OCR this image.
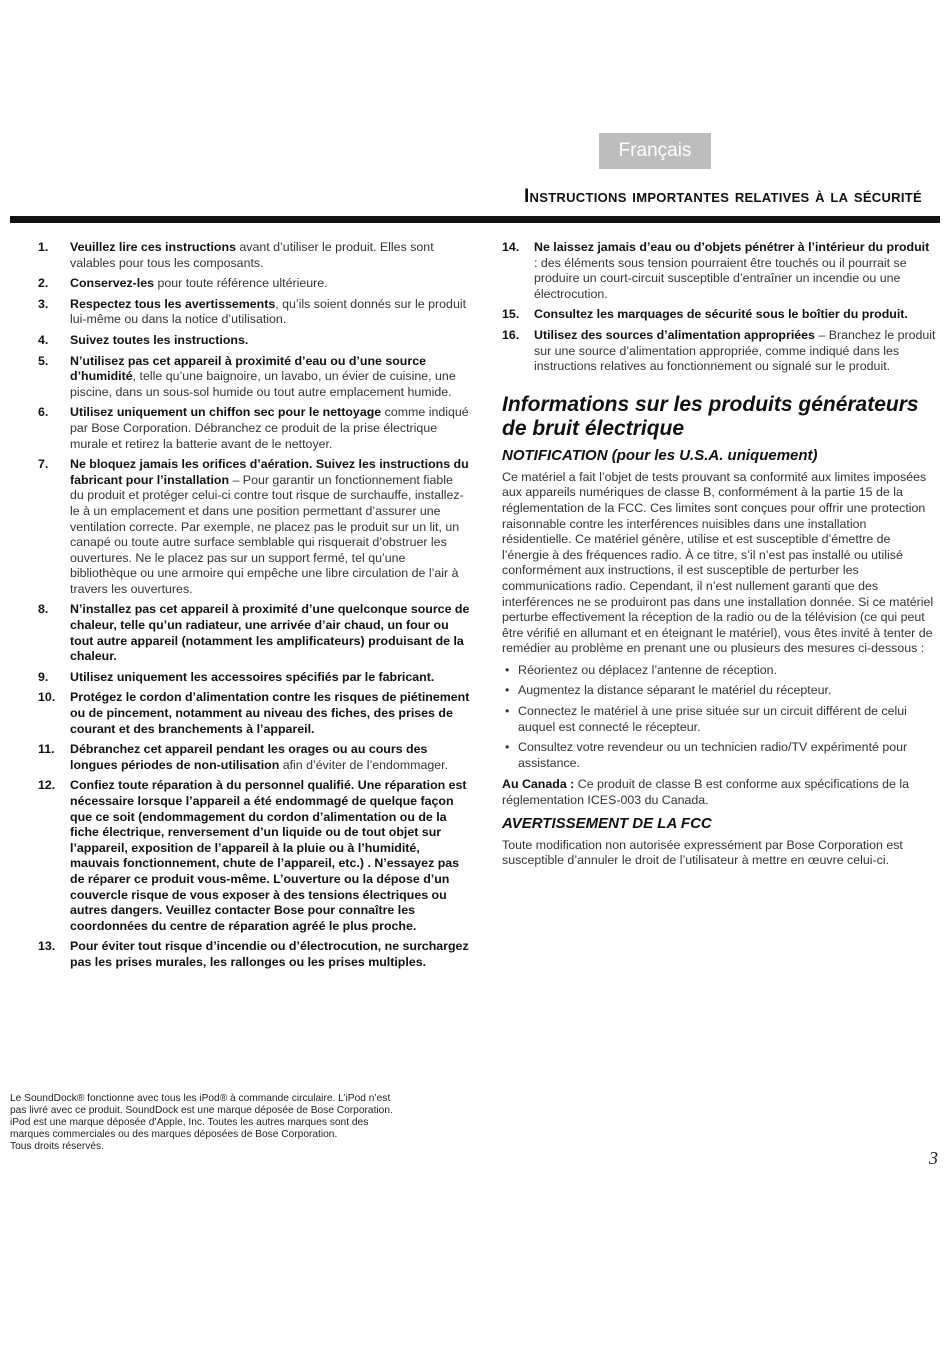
Français
Instructions importantes relatives à la sécurité
1. Veuillez lire ces instructions avant d’utiliser le produit. Elles sont valables pour tous les composants.
2. Conservez-les pour toute référence ultérieure.
3. Respectez tous les avertissements, qu’ils soient donnés sur le produit lui-même ou dans la notice d’utilisation.
4. Suivez toutes les instructions.
5. N’utilisez pas cet appareil à proximité d’eau ou d’une source d’humidité, telle qu’une baignoire, un lavabo, un évier de cuisine, une piscine, dans un sous-sol humide ou tout autre emplacement humide.
6. Utilisez uniquement un chiffon sec pour le nettoyage comme indiqué par Bose Corporation. Débranchez ce produit de la prise électrique murale et retirez la batterie avant de le nettoyer.
7. Ne bloquez jamais les orifices d’aération. Suivez les instructions du fabricant pour l’installation – Pour garantir un fonctionnement fiable du produit et protéger celui-ci contre tout risque de surchauffe, installez-le à un emplacement et dans une position permettant d’assurer une ventilation correcte. Par exemple, ne placez pas le produit sur un lit, un canapé ou toute autre surface semblable qui risquerait d’obstruer les ouvertures. Ne le placez pas sur un support fermé, tel qu’une bibliothèque ou une armoire qui empêche une libre circulation de l’air à travers les ouvertures.
8. N’installez pas cet appareil à proximité d’une quelconque source de chaleur, telle qu’un radiateur, une arrivée d’air chaud, un four ou tout autre appareil (notamment les amplificateurs) produisant de la chaleur.
9. Utilisez uniquement les accessoires spécifiés par le fabricant.
10. Protégez le cordon d’alimentation contre les risques de piétinement ou de pincement, notamment au niveau des fiches, des prises de courant et des branchements à l’appareil.
11. Débranchez cet appareil pendant les orages ou au cours des longues périodes de non-utilisation afin d’éviter de l’endommager.
12. Confiez toute réparation à du personnel qualifié. Une réparation est nécessaire lorsque l’appareil a été endommagé de quelque façon que ce soit (endommagement du cordon d’alimentation ou de la fiche électrique, renversement d’un liquide ou de tout objet sur l’appareil, exposition de l’appareil à la pluie ou à l’humidité, mauvais fonctionnement, chute de l’appareil, etc.) . N’essayez pas de réparer ce produit vous-même. L’ouverture ou la dépose d’un couvercle risque de vous exposer à des tensions électriques ou autres dangers. Veuillez contacter Bose pour connaître les coordonnées du centre de réparation agréé le plus proche.
13. Pour éviter tout risque d’incendie ou d’électrocution, ne surchargez pas les prises murales, les rallonges ou les prises multiples.
14. Ne laissez jamais d’eau ou d’objets pénétrer à l’intérieur du produit : des éléments sous tension pourraient être touchés ou il pourrait se produire un court-circuit susceptible d’entraîner un incendie ou une électrocution.
15. Consultez les marquages de sécurité sous le boîtier du produit.
16. Utilisez des sources d’alimentation appropriées – Branchez le produit sur une source d’alimentation appropriée, comme indiqué dans les instructions relatives au fonctionnement ou signalé sur le produit.
Informations sur les produits générateurs de bruit électrique
NOTIFICATION (pour les U.S.A. uniquement)

Ce matériel a fait l’objet de tests prouvant sa conformité aux limites imposées aux appareils numériques de classe B, conformément à la partie 15 de la réglementation de la FCC. Ces limites sont conçues pour offrir une protection raisonnable contre les interférences nuisibles dans une installation résidentielle. Ce matériel génère, utilise et est susceptible d’émettre de l’énergie à des fréquences radio. À ce titre, s’il n’est pas installé ou utilisé conformément aux instructions, il est susceptible de perturber les communications radio. Cependant, il n’est nullement garanti que des interférences ne se produiront pas dans une installation donnée. Si ce matériel perturbe effectivement la réception de la radio ou de la télévision (ce qui peut être vérifié en allumant et en éteignant le matériel), vous êtes invité à tenter de remédier au problème en prenant une ou plusieurs des mesures ci-dessous :

• Réorientez ou déplacez l’antenne de réception.
• Augmentez la distance séparant le matériel du récepteur.
• Connectez le matériel à une prise située sur un circuit différent de celui auquel est connecté le récepteur.
• Consultez votre revendeur ou un technicien radio/TV expérimenté pour assistance.

Au Canada : Ce produit de classe B est conforme aux spécifications de la réglementation ICES-003 du Canada.

AVERTISSEMENT DE LA FCC

Toute modification non autorisée expressément par Bose Corporation est susceptible d’annuler le droit de l’utilisateur à mettre en œuvre celui-ci.

Le SoundDock® fonctionne avec tous les iPod® à commande circulaire. L’iPod n’est
pas livré avec ce produit. SoundDock est une marque déposée de Bose Corporation.
iPod est une marque déposée d’Apple, Inc. Toutes les autres marques sont des
marques commerciales ou des marques déposées de Bose Corporation.
Tous droits réservés.
3
